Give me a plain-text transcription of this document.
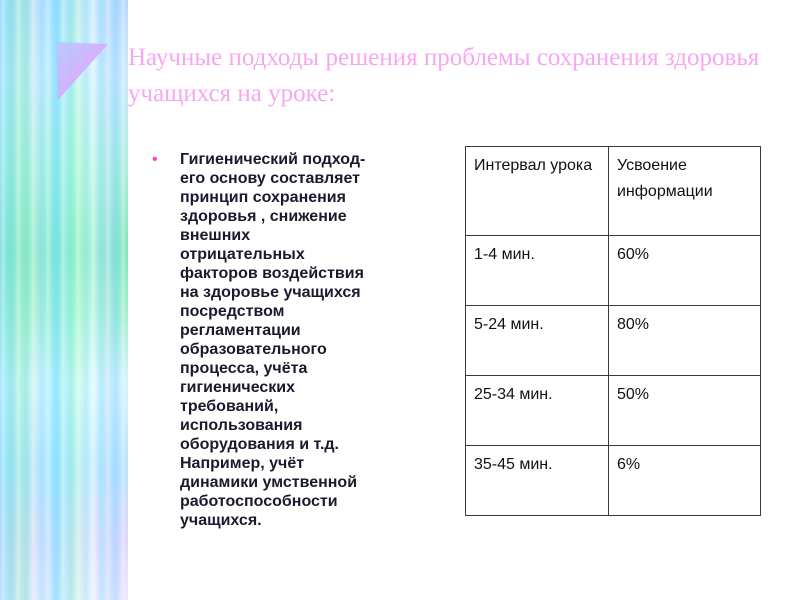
Научные подходы решения проблемы сохранения здоровья учащихся на уроке:
• Гигиенический подход-
его основу составляет
принцип сохранения
здоровья , снижение
внешних
отрицательных
факторов воздействия
на здоровье учащихся
посредством
регламентации
образовательного
процесса, учёта
гигиенических
требований,
использования
оборудования и т.д.
Например, учёт
динамики умственной
работоспособности
учащихся.

Интервал урока	Усвоение информации
1-4 мин.	60%
5-24 мин.	80%
25-34 мин.	50%
35-45 мин.	6%
